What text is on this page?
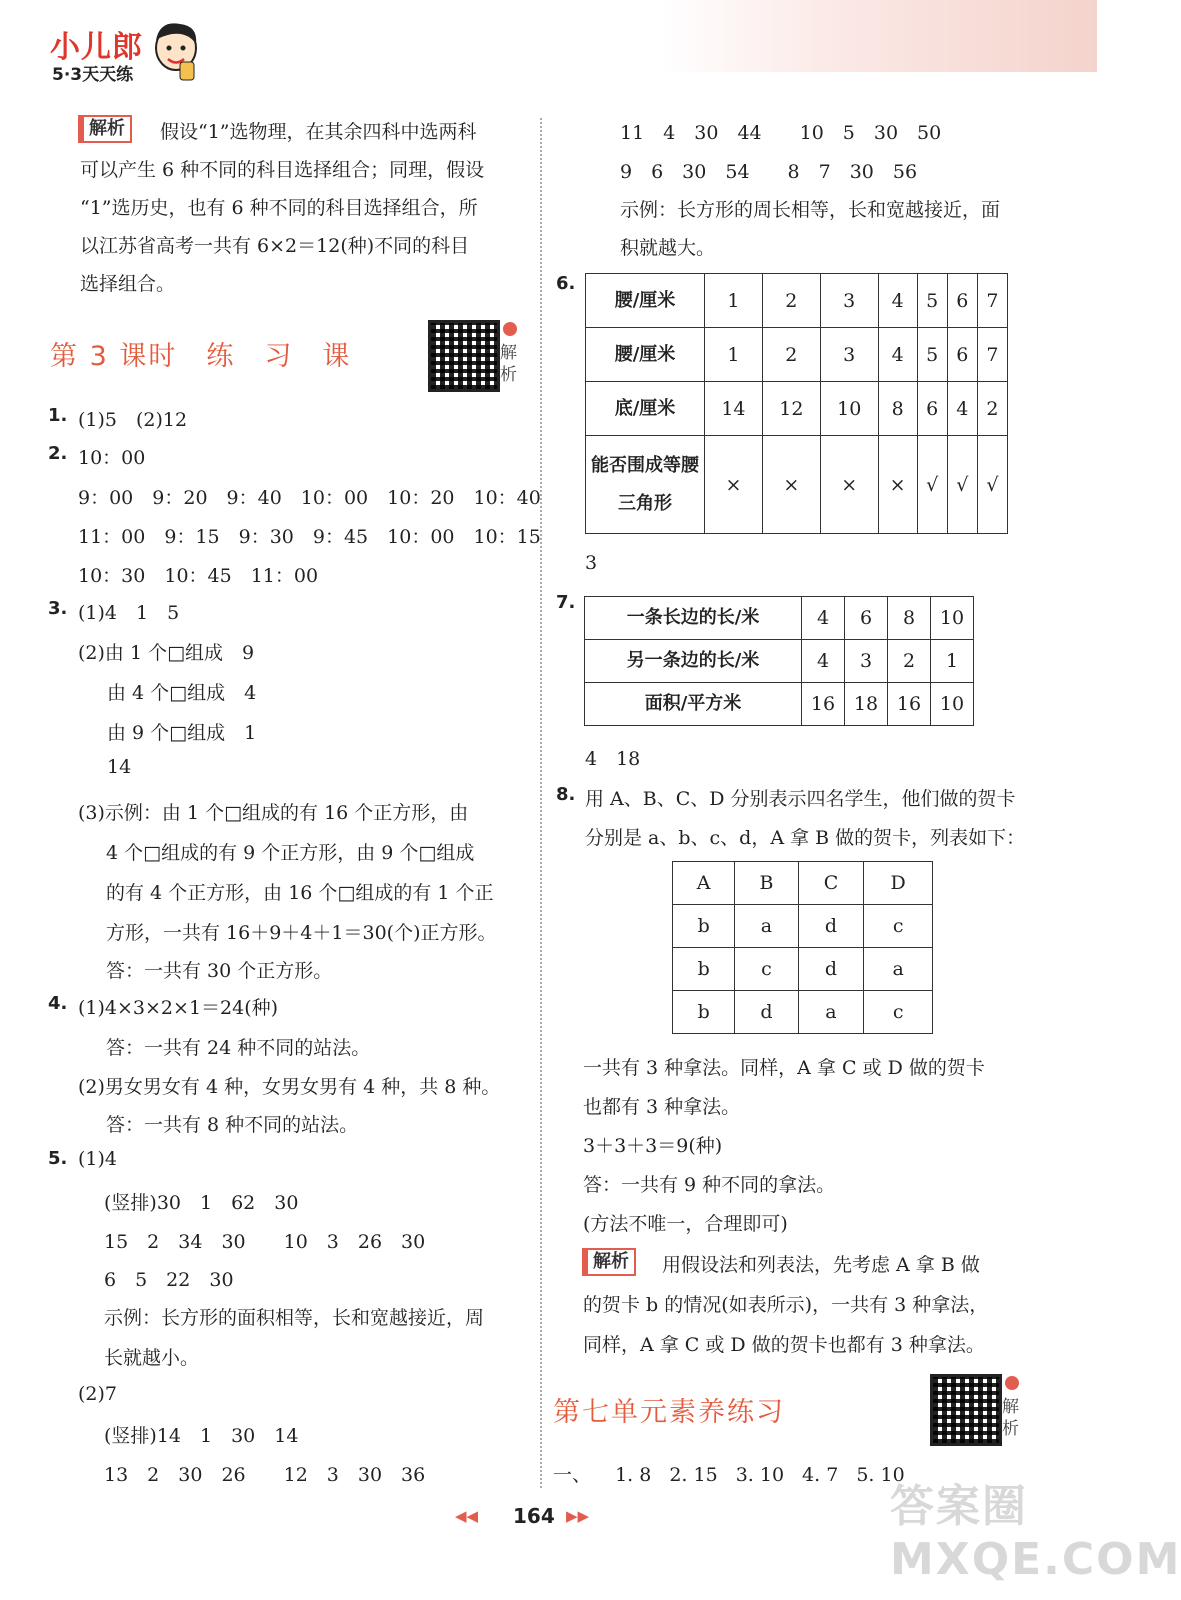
小儿郎
5·3天天练
解析	假设“1”选物理，在其余四科中选两科
可以产生 6 种不同的科目选择组合；同理，假设
“1”选历史，也有 6 种不同的科目选择组合，所
以江苏省高考一共有 6×2＝12(种)不同的科目
选择组合。
第 3 课时　练　习　课	解析
1. (1)5　(2)12
2. 10：00
9：00　9：20　9：40　10：00　10：20　10：40
11：00　9：15　9：30　9：45　10：00　10：15
10：30　10：45　11：00
3. (1)4　1　5
(2)由 1 个□组成　9
由 4 个□组成　4
由 9 个□组成　1
14
(3)示例：由 1 个□组成的有 16 个正方形，由
4 个□组成的有 9 个正方形，由 9 个□组成
的有 4 个正方形，由 16 个□组成的有 1 个正
方形，一共有 16＋9＋4＋1＝30(个)正方形。
答：一共有 30 个正方形。
4. (1)4×3×2×1＝24(种)
答：一共有 24 种不同的站法。
(2)男女男女有 4 种，女男女男有 4 种，共 8 种。
答：一共有 8 种不同的站法。
5. (1)4
(竖排)30　1　62　30
15　2　34　30　　10　3　26　30
6　5　22　30
示例：长方形的面积相等，长和宽越接近，周
长就越小。
(2)7
(竖排)14　1　30　14
13　2　30　26　　12　3　30　36
11　4　30　44　　10　5　30　50
9　6　30　54　　8　7　30　56
示例：长方形的周长相等，长和宽越接近，面
积就越大。
6.
腰/厘米	1	2	3	4	5	6	7
腰/厘米	1	2	3	4	5	6	7
底/厘米	14	12	10	8	6	4	2
能否围成等腰三角形	×	×	×	×	√	√	√
3
7.
一条长边的长/米	4	6	8	10
另一条边的长/米	4	3	2	1
面积/平方米	16	18	16	10
4　18
8. 用 A、B、C、D 分别表示四名学生，他们做的贺卡
分别是 a、b、c、d，A 拿 B 做的贺卡，列表如下：
A	B	C	D
b	a	d	c
b	c	d	a
b	d	a	c
一共有 3 种拿法。同样，A 拿 C 或 D 做的贺卡
也都有 3 种拿法。
3＋3＋3＝9(种)
答：一共有 9 种不同的拿法。
(方法不唯一，合理即可)
解析	用假设法和列表法，先考虑 A 拿 B 做
的贺卡 b 的情况(如表所示)，一共有 3 种拿法，
同样，A 拿 C 或 D 做的贺卡也都有 3 种拿法。
第七单元素养练习	解析
一、 1. 8 2. 15 3. 10 4. 7 5. 10
◀◀ 164 ▶▶	答案圈 MXQE.COM
